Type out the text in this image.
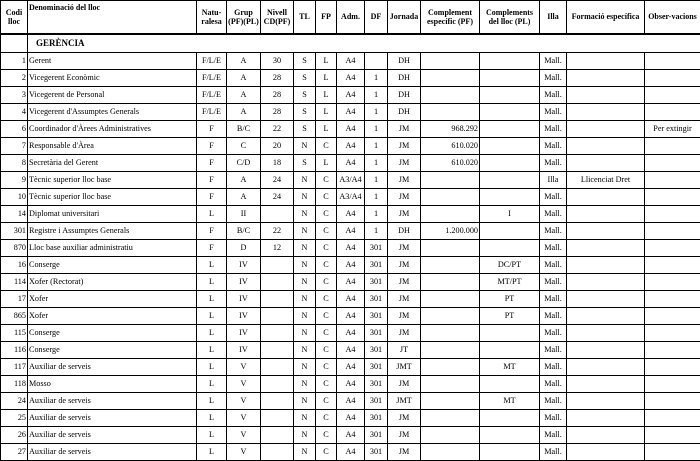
Codi lloc	Denominació del lloc	Natu-ralesa	Grup (PF)(PL)	Nivell CD(PF)	TL	FP	Adm.	DF	Jornada	Complement específic (PF)	Complements del lloc (PL)	Illa	Formació específica	Obser-vacions
	GERÈNCIA													
1	Gerent	F/L/E	A	30	S	L	A4		DH			Mall.		
2	Vicegerent Econòmic	F/L/E	A	28	S	L	A4	1	DH			Mall.		
3	Vicegerent de Personal	F/L/E	A	28	S	L	A4	1	DH			Mall.		
4	Vicegerent d'Assumptes Generals	F/L/E	A	28	S	L	A4	1	DH			Mall.		
6	Coordinador d'Àrees Administratives	F	B/C	22	S	L	A4	1	JM	968.292		Mall.		Per extingir
7	Responsable d'Àrea	F	C	20	N	C	A4	1	JM	610.020		Mall.		
8	Secretària del Gerent	F	C/D	18	S	L	A4	1	JM	610.020		Mall.		
9	Tècnic superior lloc base	F	A	24	N	C	A3/A4	1	JM			Illa	Llicenciat Dret	
10	Tècnic superior lloc base	F	A	24	N	C	A3/A4	1	JM			Mall.		
14	Diplomat universitari	L	II		N	C	A4	1	JM		I	Mall.		
301	Registre i Assumptes Generals	F	B/C	22	N	C	A4	1	DH	1.200.000		Mall.		
870	Lloc base auxiliar administratiu	F	D	12	N	C	A4	301	JM			Mall.		
16	Conserge	L	IV		N	C	A4	301	JM		DC/PT	Mall.		
114	Xofer (Rectorat)	L	IV		N	C	A4	301	JM		MT/PT	Mall.		
17	Xofer	L	IV		N	C	A4	301	JM		PT	Mall.		
865	Xofer	L	IV		N	C	A4	301	JM		PT	Mall.		
115	Conserge	L	IV		N	C	A4	301	JM			Mall.		
116	Conserge	L	IV		N	C	A4	301	JT			Mall.		
117	Auxiliar de serveis	L	V		N	C	A4	301	JMT		MT	Mall.		
118	Mosso	L	V		N	C	A4	301	JM			Mall.		
24	Auxiliar de serveis	L	V		N	C	A4	301	JMT		MT	Mall.		
25	Auxiliar de serveis	L	V		N	C	A4	301	JM			Mall.		
26	Auxiliar de serveis	L	V		N	C	A4	301	JM			Mall.		
27	Auxiliar de serveis	L	V		N	C	A4	301	JM			Mall.		
